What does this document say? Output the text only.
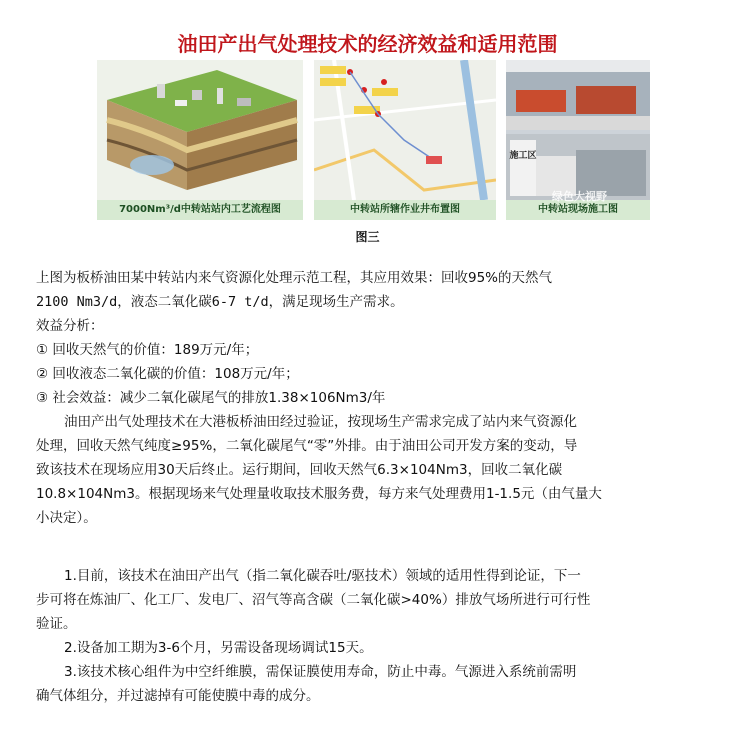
油田产出气处理技术的经济效益和适用范围
7000Nm³/d中转站站内工艺流程图	中转站所辖作业井布置图
施工区
中转站现场施工图
绿色大视野
图三
上图为板桥油田某中转站内来气资源化处理示范工程，其应用效果：回收95%的天然气
2100 Nm3/d，液态二氧化碳6-7 t/d，满足现场生产需求。
效益分析：
① 回收天然气的价值：189万元/年；
② 回收液态二氧化碳的价值：108万元/年；
③ 社会效益：减少二氧化碳尾气的排放1.38×106Nm3/年
油田产出气处理技术在大港板桥油田经过验证，按现场生产需求完成了站内来气资源化
处理，回收天然气纯度≥95%，二氧化碳尾气“零”外排。由于油田公司开发方案的变动，导
致该技术在现场应用30天后终止。运行期间，回收天然气6.3×104Nm3，回收二氧化碳
10.8×104Nm3。根据现场来气处理量收取技术服务费，每方来气处理费用1-1.5元（由气量大
小决定）。
1.目前，该技术在油田产出气（指二氧化碳吞吐/驱技术）领域的适用性得到论证，下一
步可将在炼油厂、化工厂、发电厂、沼气等高含碳（二氧化碳>40%）排放气场所进行可行性
验证。
2.设备加工期为3-6个月，另需设备现场调试15天。
3.该技术核心组件为中空纤维膜，需保证膜使用寿命，防止中毒。气源进入系统前需明
确气体组分，并过滤掉有可能使膜中毒的成分。
